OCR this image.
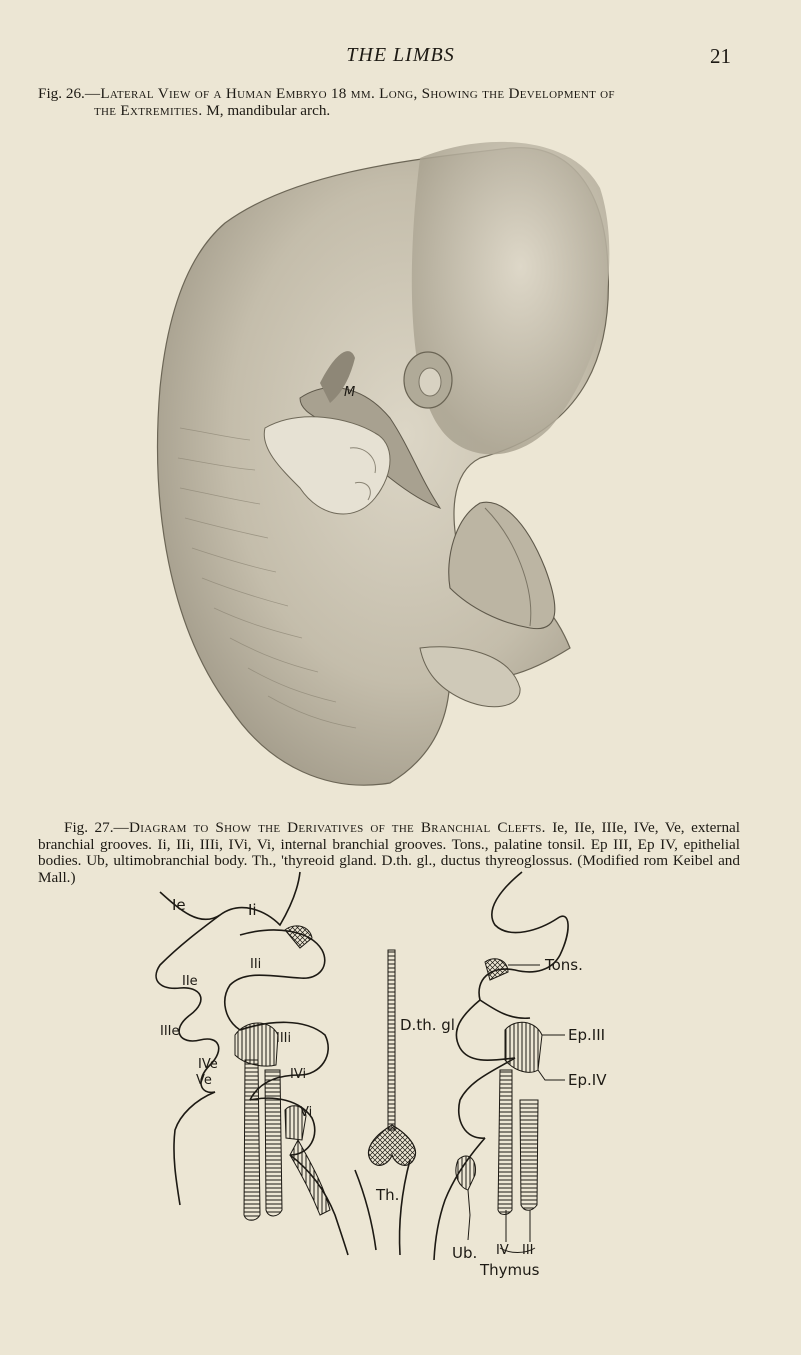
THE LIMBS	21
Fig. 26.—Lateral View of a Human Embryo 18 mm. Long, Showing the Development of
the Extremities. M, mandibular arch.
M
Fig. 27.—Diagram to Show the Derivatives of the Branchial Clefts. Ie, IIe, IIIe, IVe, Ve, external branchial grooves. Ii, IIi, IIIi, IVi, Vi, internal branchial grooves. Tons., palatine tonsil. Ep III, Ep IV, epithelial bodies. Ub, ultimobranchial body. Th., 'thyreoid gland. D.th. gl., ductus thyreoglossus. (Modified rom Keibel and Mall.)
Ie	Ii
IIi
IIe
IIIe	IIIi
IVe
Ve	IVi
Vi
D.th. gl.
Th.
Tons.
Ep.III
Ep.IV
Ub. IV III
Thymus
